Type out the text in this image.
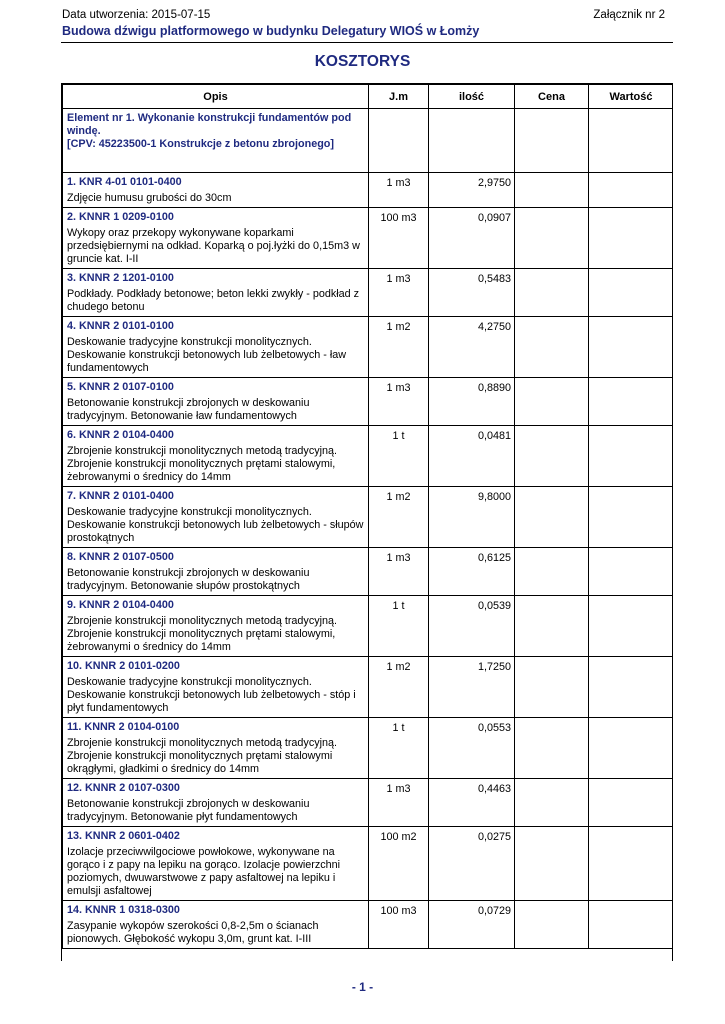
Data utworzenia: 2015-07-15	Załącznik nr 2
Budowa dźwigu platformowego w budynku Delegatury WIOŚ w Łomży
KOSZTORYS
Opis	J.m	ilość	Cena	Wartość

Element nr 1. Wykonanie konstrukcji fundamentów pod windę.
[CPV: 45223500-1 Konstrukcje z betonu zbrojonego]				

1. KNR 4-01 0101-0400
Zdjęcie humusu grubości do 30cm	1 m3	2,9750		

2. KNNR 1 0209-0100
Wykopy oraz przekopy wykonywane koparkami przedsiębiernymi na odkład. Koparką o poj.łyżki do 0,15m3 w gruncie kat. I-II	100 m3	0,0907		

3. KNNR 2 1201-0100
Podkłady. Podkłady betonowe; beton lekki zwykły - podkład z chudego betonu	1 m3	0,5483		

4. KNNR 2 0101-0100
Deskowanie tradycyjne konstrukcji monolitycznych. Deskowanie konstrukcji betonowych lub żelbetowych - ław fundamentowych	1 m2	4,2750		

5. KNNR 2 0107-0100
Betonowanie konstrukcji zbrojonych w deskowaniu tradycyjnym. Betonowanie ław fundamentowych	1 m3	0,8890		

6. KNNR 2 0104-0400
Zbrojenie konstrukcji monolitycznych metodą tradycyjną. Zbrojenie konstrukcji monolitycznych prętami stalowymi, żebrowanymi o średnicy do 14mm	1 t	0,0481		

7. KNNR 2 0101-0400
Deskowanie tradycyjne konstrukcji monolitycznych. Deskowanie konstrukcji betonowych lub żelbetowych - słupów prostokątnych	1 m2	9,8000		

8. KNNR 2 0107-0500
Betonowanie konstrukcji zbrojonych w deskowaniu tradycyjnym. Betonowanie słupów prostokątnych	1 m3	0,6125		

9. KNNR 2 0104-0400
Zbrojenie konstrukcji monolitycznych metodą tradycyjną. Zbrojenie konstrukcji monolitycznych prętami stalowymi, żebrowanymi o średnicy do 14mm	1 t	0,0539		

10. KNNR 2 0101-0200
Deskowanie tradycyjne konstrukcji monolitycznych. Deskowanie konstrukcji betonowych lub żelbetowych - stóp i płyt fundamentowych	1 m2	1,7250		

11. KNNR 2 0104-0100
Zbrojenie konstrukcji monolitycznych metodą tradycyjną. Zbrojenie konstrukcji monolitycznych prętami stalowymi okrągłymi, gładkimi o średnicy do 14mm	1 t	0,0553		

12. KNNR 2 0107-0300
Betonowanie konstrukcji zbrojonych w deskowaniu tradycyjnym. Betonowanie płyt fundamentowych	1 m3	0,4463		

13. KNNR 2 0601-0402
Izolacje przeciwwilgociowe powłokowe, wykonywane na gorąco i z papy na lepiku na gorąco. Izolacje powierzchni poziomych, dwuwarstwowe z papy asfaltowej na lepiku i emulsji asfaltowej	100 m2	0,0275		

14. KNNR 1 0318-0300
Zasypanie wykopów szerokości 0,8-2,5m o ścianach pionowych. Głębokość wykopu 3,0m, grunt kat. I-III	100 m3	0,0729		
- 1 -
